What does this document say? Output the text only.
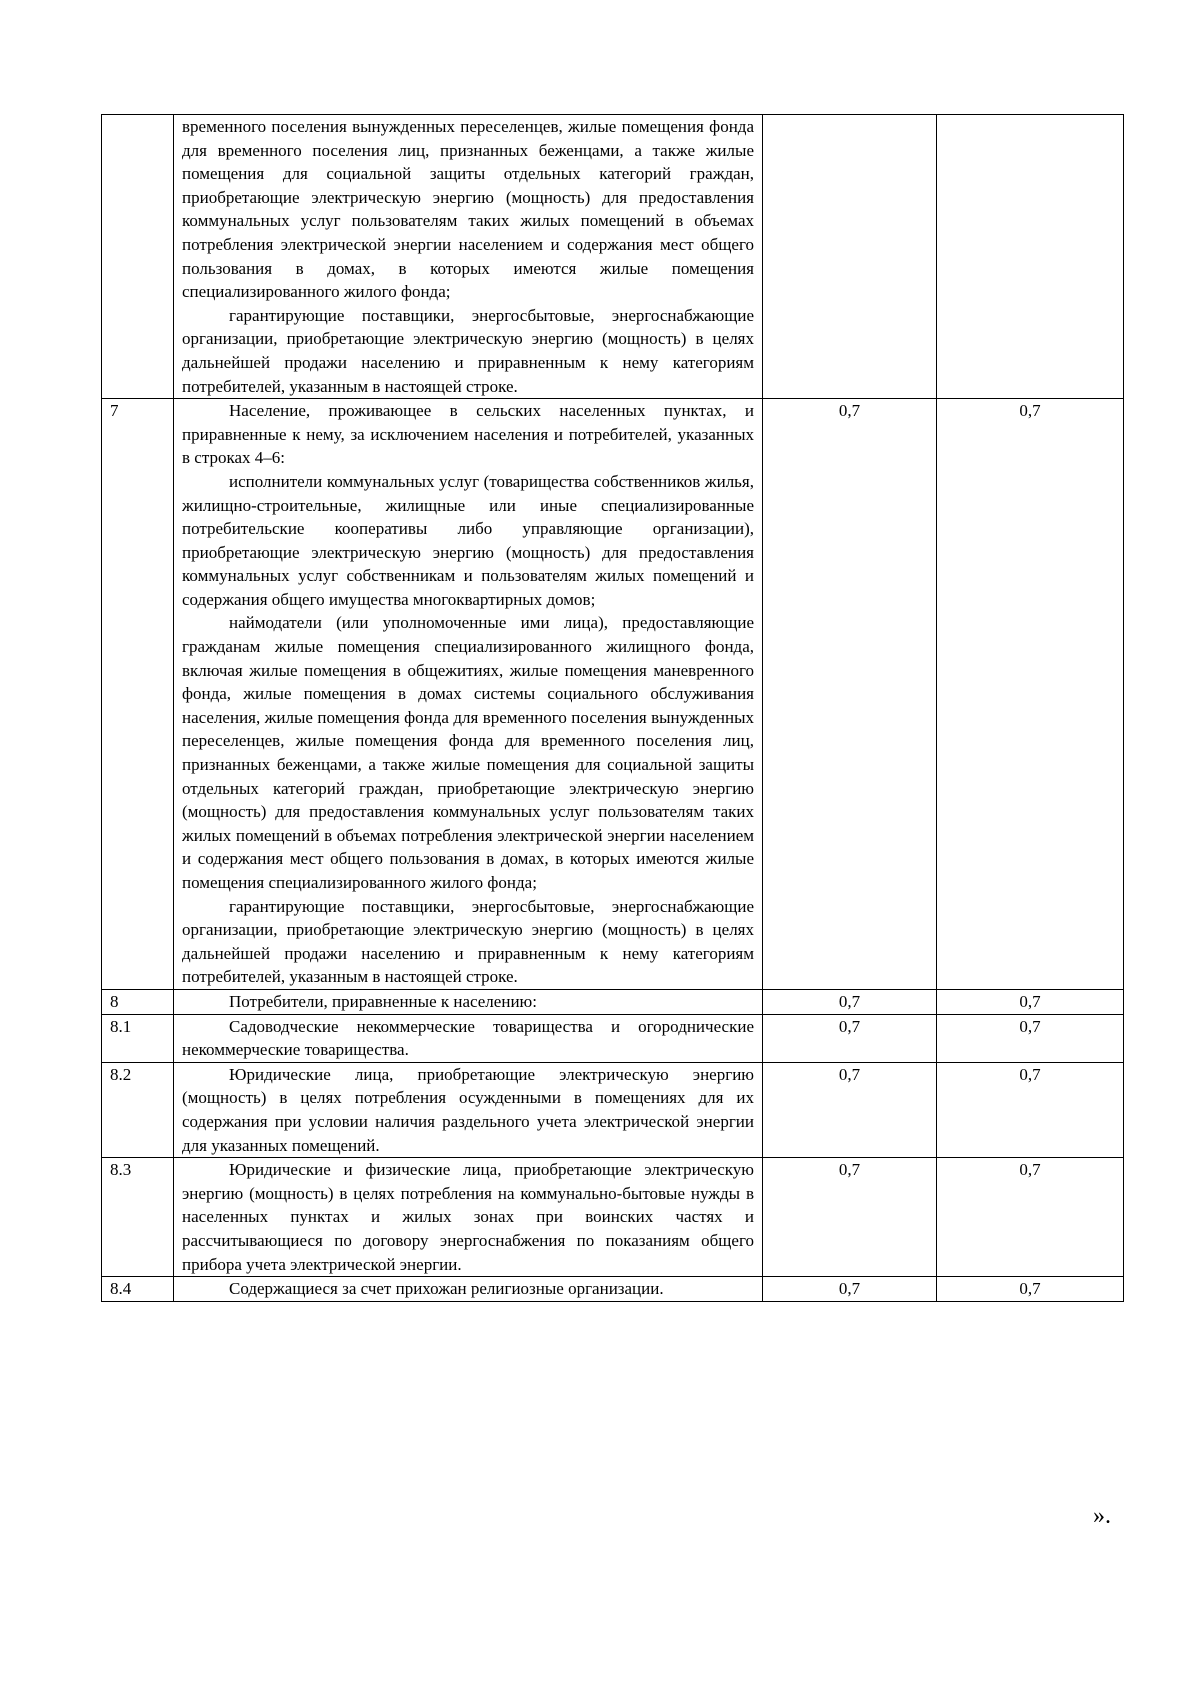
	временного поселения вынужденных переселенцев, жилые помещения фонда для временного поселения лиц, признанных беженцами, а также жилые помещения для социальной защиты отдельных категорий граждан, приобретающие электрическую энергию (мощность) для предоставления коммунальных услуг пользователям таких жилых помещений в объемах потребления электрической энергии населением и содержания мест общего пользования в домах, в которых имеются жилые помещения специализированного жилого фонда;

гарантирующие поставщики, энергосбытовые, энергоснабжающие организации, приобретающие электрическую энергию (мощность) в целях дальнейшей продажи населению и приравненным к нему категориям потребителей, указанным в настоящей строке.		

7	Население, проживающее в сельских населенных пунктах, и приравненные к нему, за исключением населения и потребителей, указанных в строках 4–6:

исполнители коммунальных услуг (товарищества собственников жилья, жилищно-строительные, жилищные или иные специализированные потребительские кооперативы либо управляющие организации), приобретающие электрическую энергию (мощность) для предоставления коммунальных услуг собственникам и пользователям жилых помещений и содержания общего имущества многоквартирных домов;

наймодатели (или уполномоченные ими лица), предоставляющие гражданам жилые помещения специализированного жилищного фонда, включая жилые помещения в общежитиях, жилые помещения маневренного фонда, жилые помещения в домах системы социального обслуживания населения, жилые помещения фонда для временного поселения вынужденных переселенцев, жилые помещения фонда для временного поселения лиц, признанных беженцами, а также жилые помещения для социальной защиты отдельных категорий граждан, приобретающие электрическую энергию (мощность) для предоставления коммунальных услуг пользователям таких жилых помещений в объемах потребления электрической энергии населением и содержания мест общего пользования в домах, в которых имеются жилые помещения специализированного жилого фонда;

гарантирующие поставщики, энергосбытовые, энергоснабжающие организации, приобретающие электрическую энергию (мощность) в целях дальнейшей продажи населению и приравненным к нему категориям потребителей, указанным в настоящей строке.	0,7	0,7
8	Потребители, приравненные к населению:	0,7	0,7
8.1	Садоводческие некоммерческие товарищества и огороднические некоммерческие товарищества.	0,7	0,7
8.2	Юридические лица, приобретающие электрическую энергию (мощность) в целях потребления осужденными в помещениях для их содержания при условии наличия раздельного учета электрической энергии для указанных помещений.	0,7	0,7
8.3	Юридические и физические лица, приобретающие электрическую энергию (мощность) в целях потребления на коммунально-бытовые нужды в населенных пунктах и жилых зонах при воинских частях и рассчитывающиеся по договору энергоснабжения по показаниям общего прибора учета электрической энергии.	0,7	0,7
8.4	Содержащиеся за счет прихожан религиозные организации.	0,7	0,7
».
